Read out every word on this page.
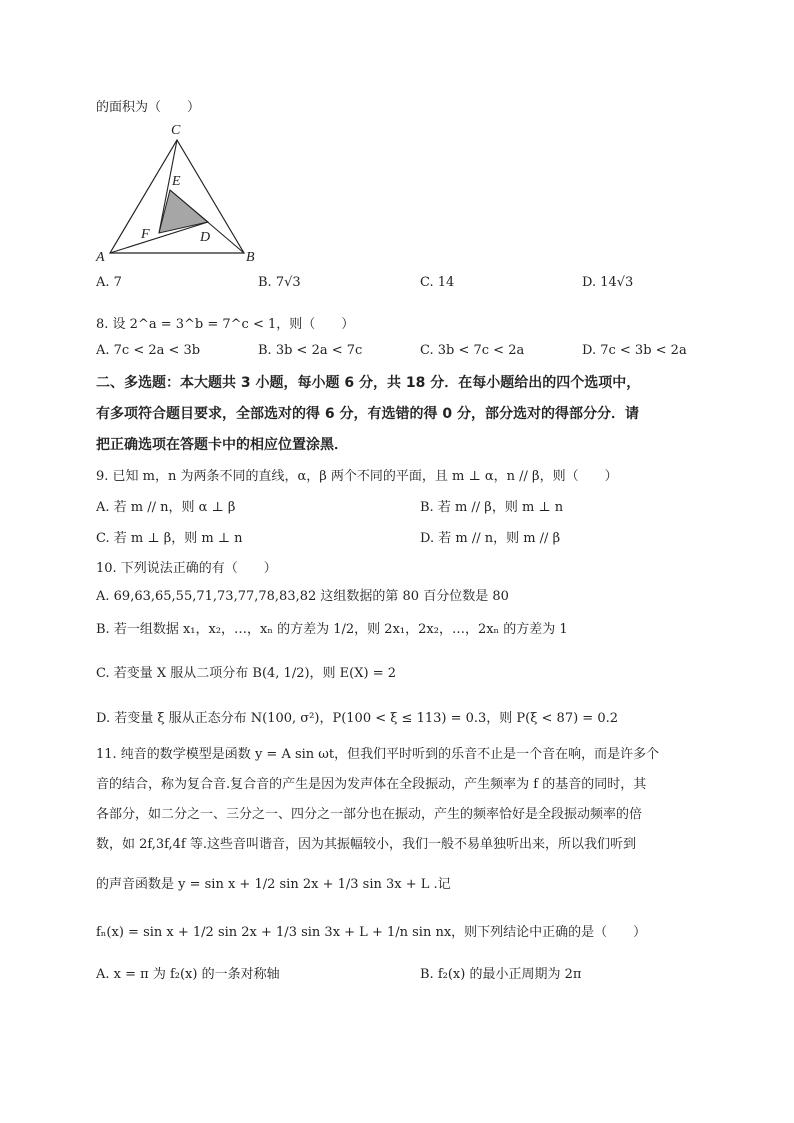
的面积为（　　）
C
E
F	D
A	B
A. 7	B. 7√3	C. 14	D. 14√3
8. 设 2^a = 3^b = 7^c < 1，则（　　）
A. 7c < 2a < 3b	B. 3b < 2a < 7c	C. 3b < 7c < 2a	D. 7c < 3b < 2a
二、多选题：本大题共 3 小题，每小题 6 分，共 18 分．在每小题给出的四个选项中，
有多项符合题目要求，全部选对的得 6 分，有选错的得 0 分，部分选对的得部分分．请
把正确选项在答题卡中的相应位置涂黑．
9. 已知 m，n 为两条不同的直线，α，β 两个不同的平面，且 m ⊥ α，n // β，则（　　）
A. 若 m // n，则 α ⊥ β	B. 若 m // β，则 m ⊥ n
C. 若 m ⊥ β，则 m ⊥ n	D. 若 m // n，则 m // β
10. 下列说法正确的有（　　）
A. 69,63,65,55,71,73,77,78,83,82 这组数据的第 80 百分位数是 80
B. 若一组数据 x₁，x₂，…，xₙ 的方差为 1/2，则 2x₁，2x₂，…，2xₙ 的方差为 1
C. 若变量 X 服从二项分布 B(4, 1/2)，则 E(X) = 2
D. 若变量 ξ 服从正态分布 N(100, σ²)，P(100 < ξ ≤ 113) = 0.3，则 P(ξ < 87) = 0.2
11. 纯音的数学模型是函数 y = A sin ωt，但我们平时听到的乐音不止是一个音在响，而是许多个
音的结合，称为复合音.复合音的产生是因为发声体在全段振动，产生频率为 f 的基音的同时，其
各部分，如二分之一、三分之一、四分之一部分也在振动，产生的频率恰好是全段振动频率的倍
数，如 2f,3f,4f 等.这些音叫谐音，因为其振幅较小，我们一般不易单独听出来，所以我们听到
的声音函数是 y = sin x + 1/2 sin 2x + 1/3 sin 3x + L .记
fₙ(x) = sin x + 1/2 sin 2x + 1/3 sin 3x + L + 1/n sin nx，则下列结论中正确的是（　　）
A. x = π 为 f₂(x) 的一条对称轴	B. f₂(x) 的最小正周期为 2π
